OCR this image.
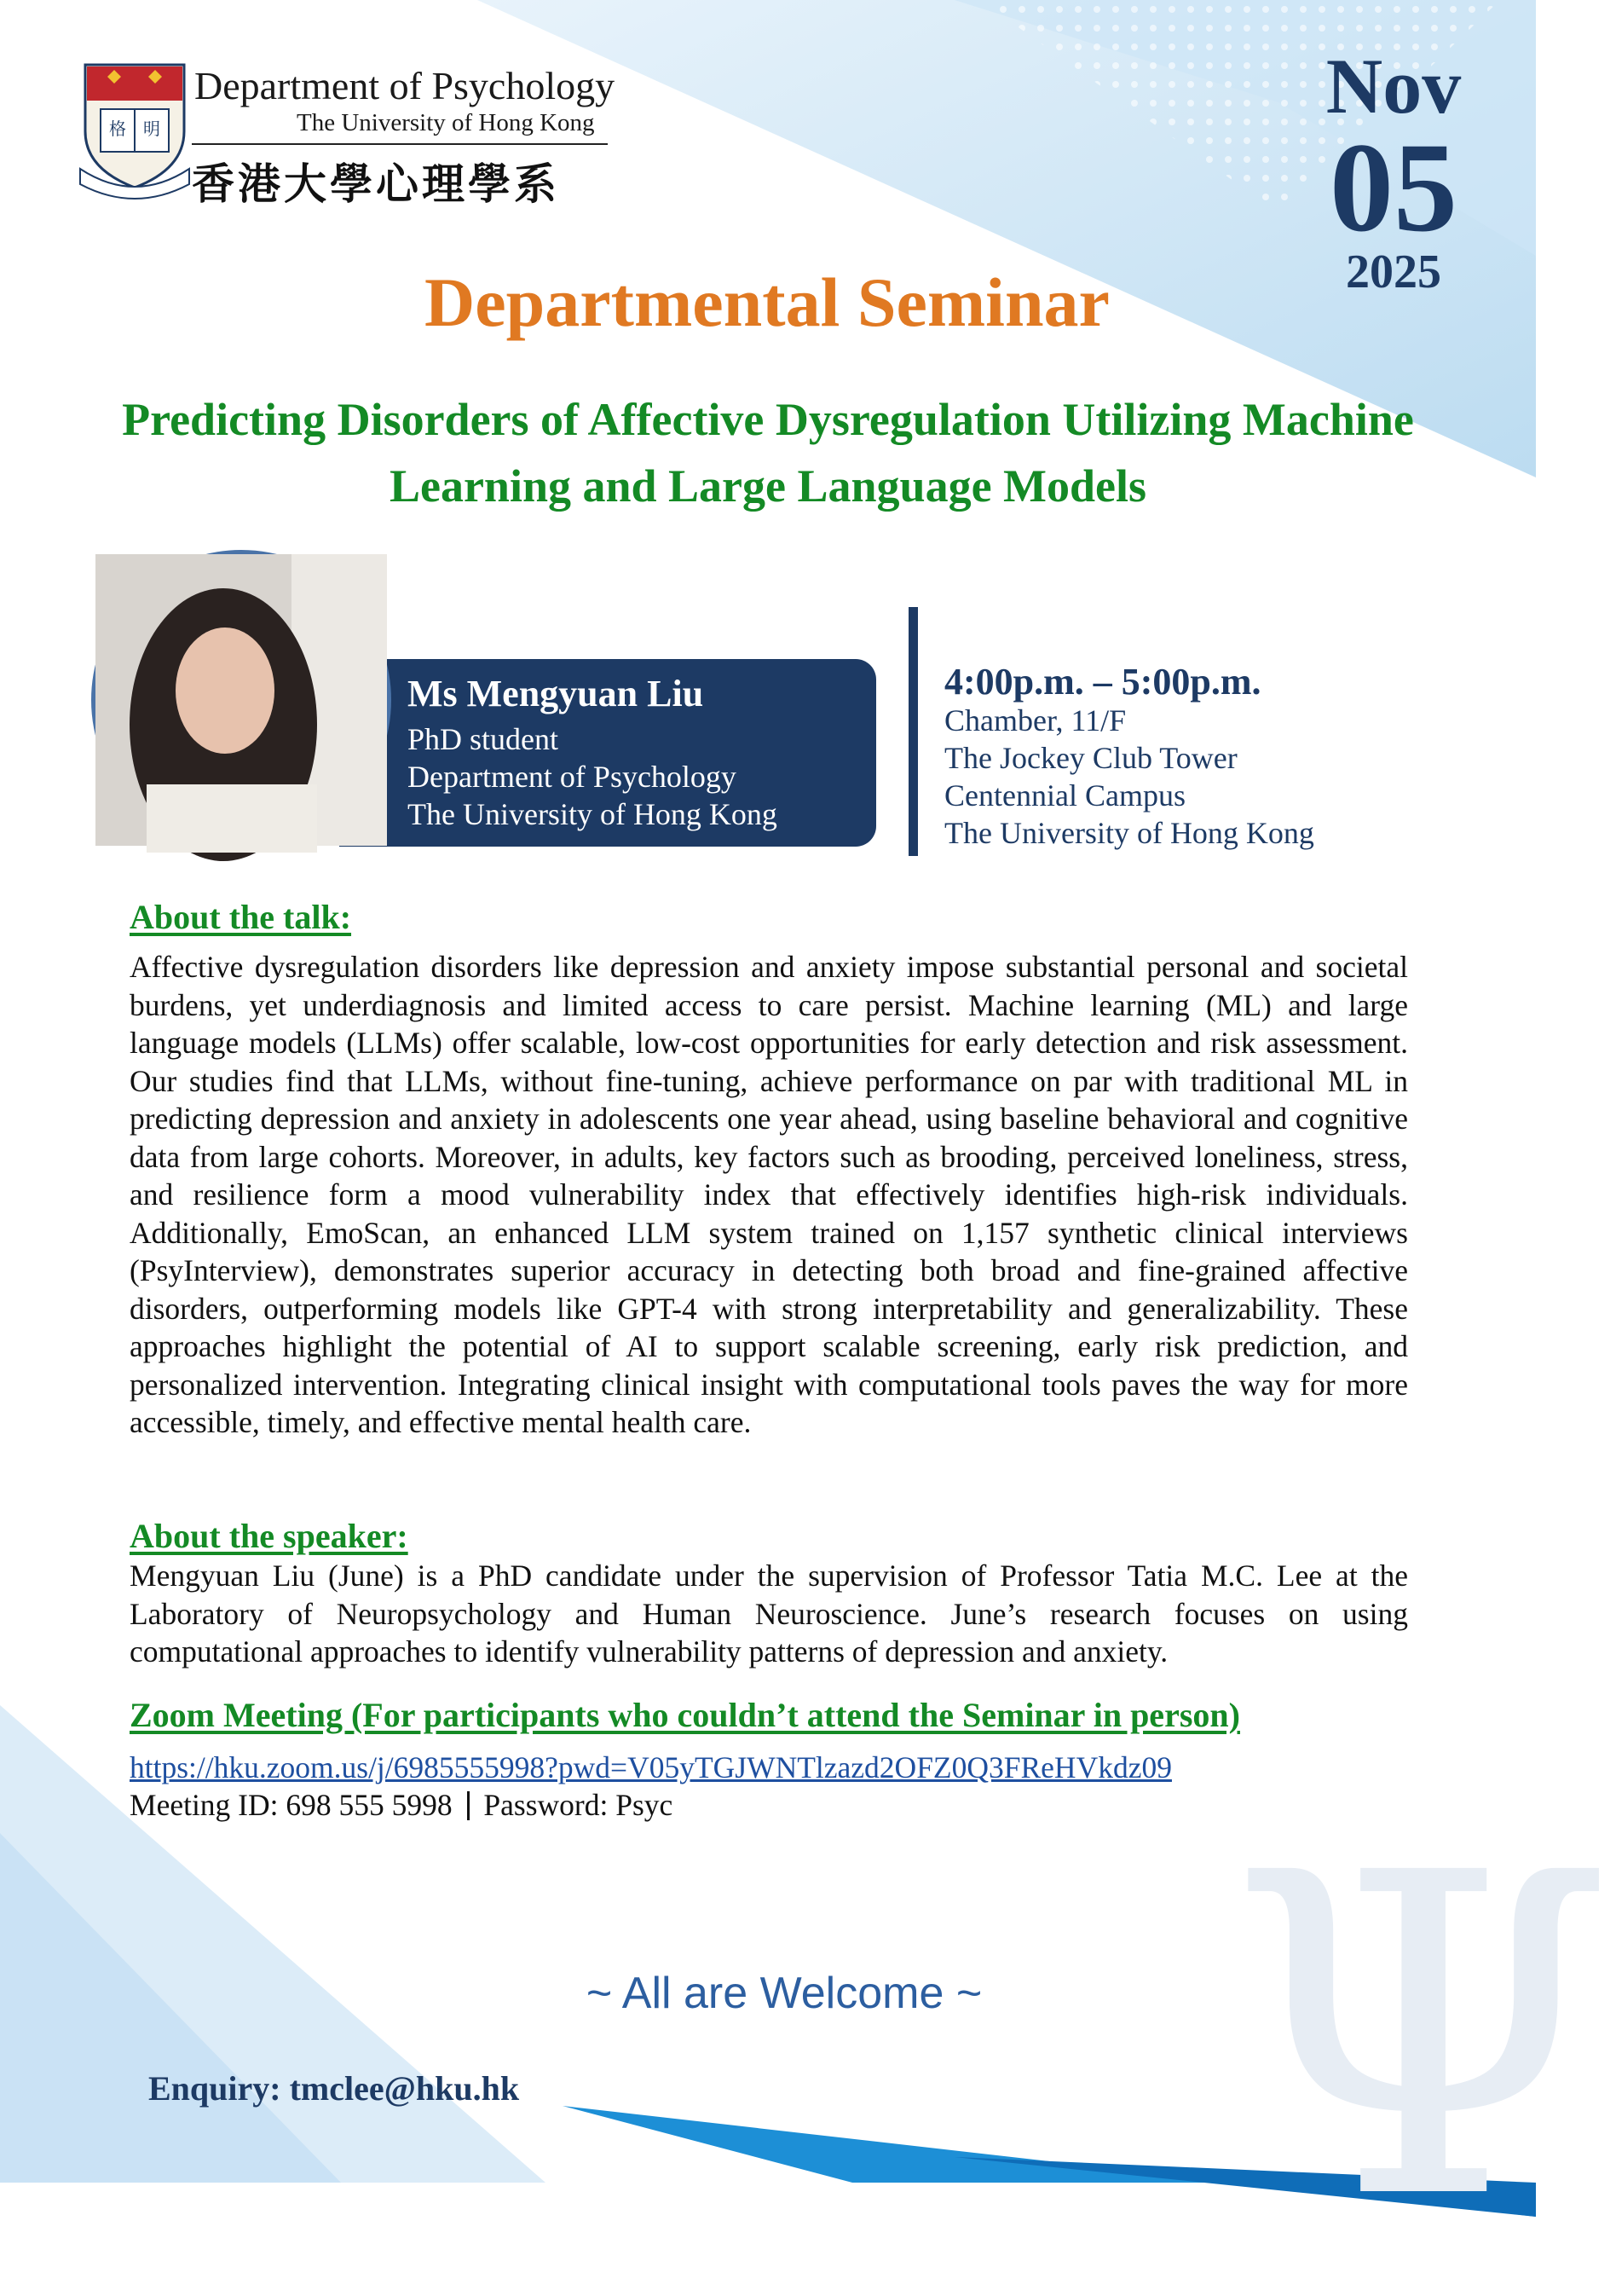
Ψ
格 明
Department of Psychology
The University of Hong Kong
香港大學心理學系
Nov
05
2025
Departmental Seminar
Predicting Disorders of Affective Dysregulation Utilizing Machine Learning and Large Language Models
Ms Mengyuan Liu
PhD student
Department of Psychology
The University of Hong Kong
4:00p.m. – 5:00p.m.
Chamber, 11/F
The Jockey Club Tower
Centennial Campus
The University of Hong Kong
About the talk:
Affective dysregulation disorders like depression and anxiety impose substantial personal and societal burdens, yet underdiagnosis and limited access to care persist. Machine learning (ML) and large language models (LLMs) offer scalable, low-cost opportunities for early detection and risk assessment. Our studies find that LLMs, without fine-tuning, achieve performance on par with traditional ML in predicting depression and anxiety in adolescents one year ahead, using baseline behavioral and cognitive data from large cohorts. Moreover, in adults, key factors such as brooding, perceived loneliness, stress, and resilience form a mood vulnerability index that effectively identifies high-risk individuals. Additionally, EmoScan, an enhanced LLM system trained on 1,157 synthetic clinical interviews (PsyInterview), demonstrates superior accuracy in detecting both broad and fine-grained affective disorders, outperforming models like GPT-4 with strong interpretability and generalizability. These approaches highlight the potential of AI to support scalable screening, early risk prediction, and personalized intervention. Integrating clinical insight with computational tools paves the way for more accessible, timely, and effective mental health care.
About the speaker:
Mengyuan Liu (June) is a PhD candidate under the supervision of Professor Tatia M.C. Lee at the Laboratory of Neuropsychology and Human Neuroscience. June’s research focuses on using computational approaches to identify vulnerability patterns of depression and anxiety.
Zoom Meeting (For participants who couldn’t attend the Seminar in person)
https://hku.zoom.us/j/6985555998?pwd=V05yTGJWNTlzazd2OFZ0Q3FReHVkdz09
Meeting ID: 698 555 5998 Password: Psyc
~ All are Welcome ~
Enquiry: tmclee@hku.hk
